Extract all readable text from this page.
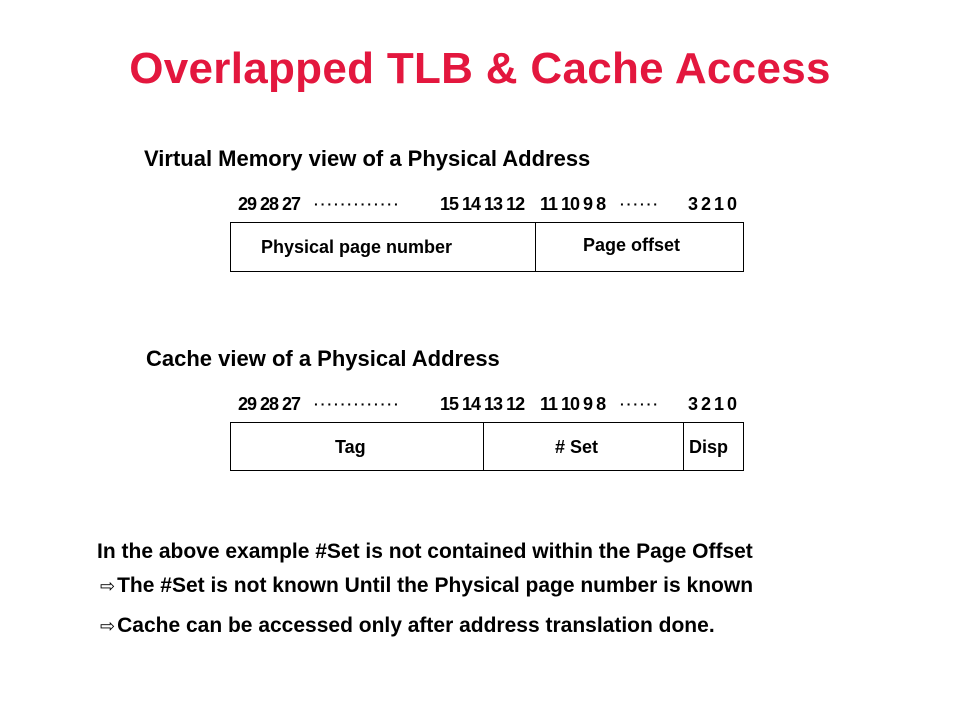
Overlapped TLB & Cache Access
Virtual Memory view of a Physical Address
29 28 27 ············· 15 14 13 12 11 10 9 8 ······ 3 2 1 0
Physical page number	Page offset
Cache view of a Physical Address
29 28 27 ············· 15 14 13 12 11 10 9 8 ······ 3 2 1 0
Tag	# Set	Disp
In the above example #Set is not contained within the Page Offset
⇨The #Set is not known Until the Physical page number is known
⇨Cache can be accessed only after address translation done.
